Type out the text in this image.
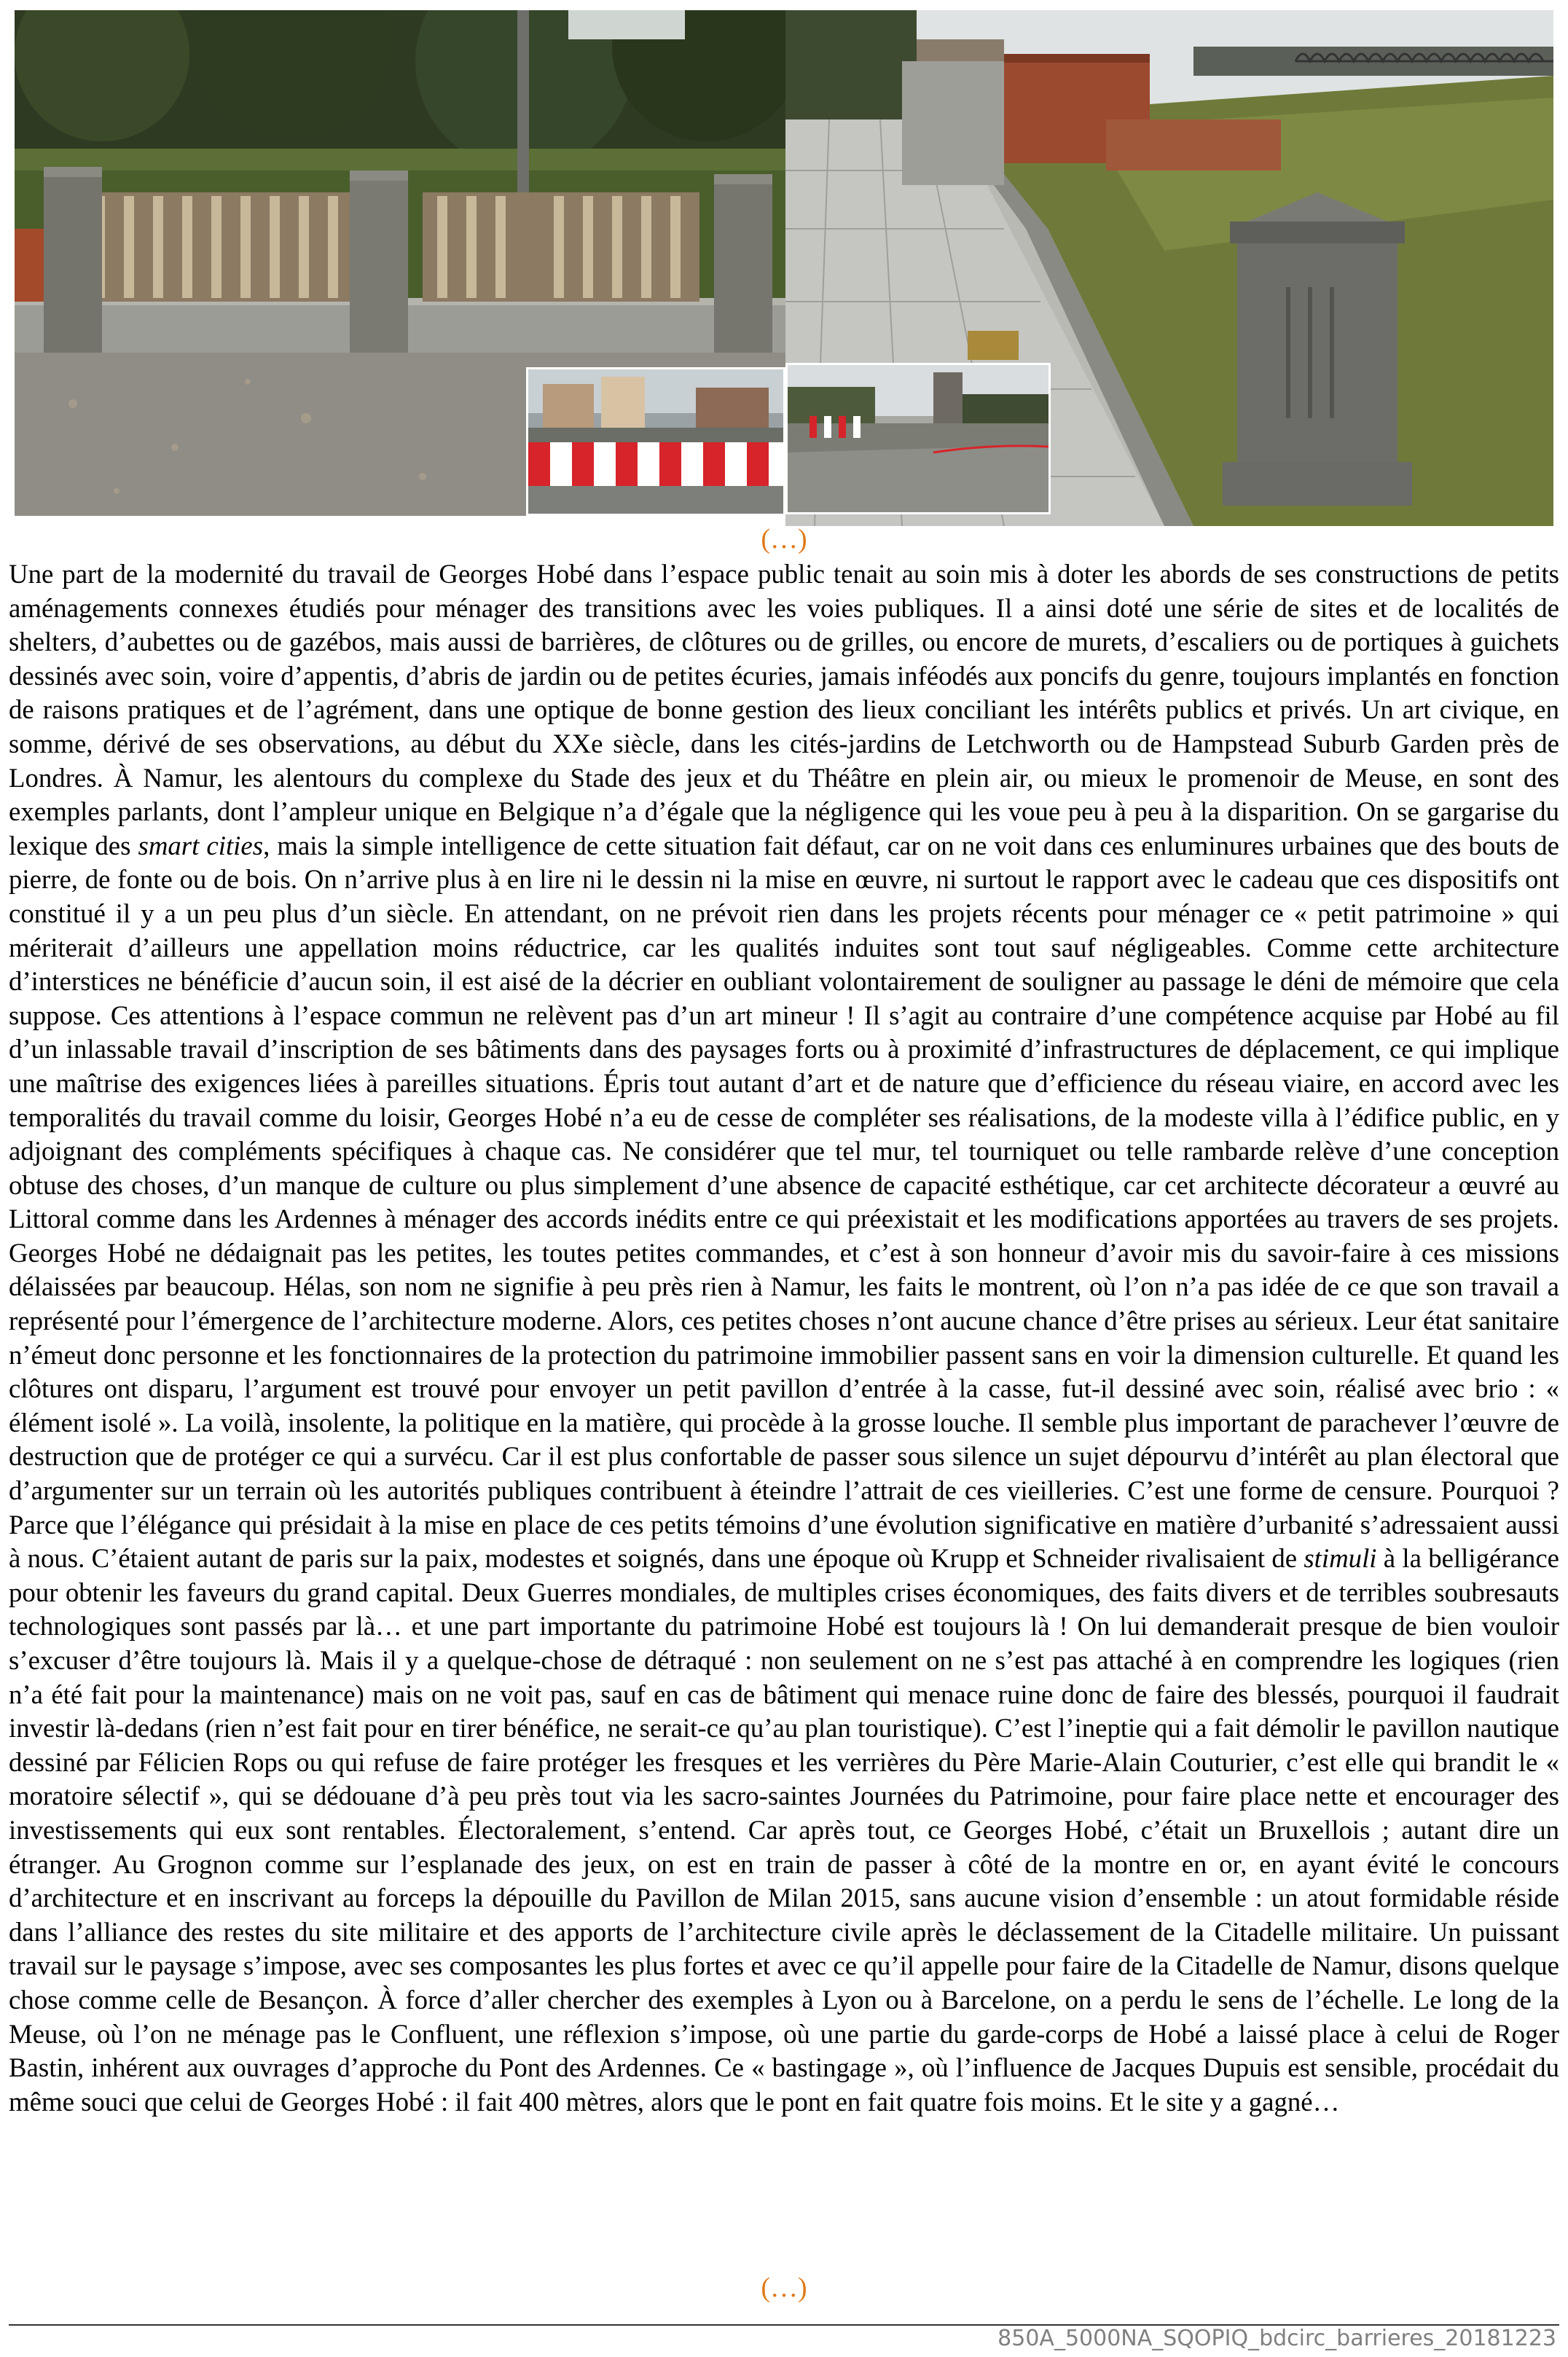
(…)

Une part de la modernité du travail de Georges Hobé dans l’espace public tenait au soin mis à doter les abords de ses constructions de petits aménagements connexes étudiés pour ménager des transitions avec les voies publiques. Il a ainsi doté une série de sites et de localités de shelters, d’aubettes ou de gazébos, mais aussi de barrières, de clôtures ou de grilles, ou encore de murets, d’escaliers ou de portiques à guichets dessinés avec soin, voire d’appentis, d’abris de jardin ou de petites écuries, jamais inféodés aux poncifs du genre, toujours implantés en fonction de raisons pratiques et de l’agrément, dans une optique de bonne gestion des lieux conciliant les intérêts publics et privés. Un art civique, en somme, dérivé de ses observations, au début du XXe siècle, dans les cités-jardins de Letchworth ou de Hampstead Suburb Garden près de Londres. À Namur, les alentours du complexe du Stade des jeux et du Théâtre en plein air, ou mieux le promenoir de Meuse, en sont des exemples parlants, dont l’ampleur unique en Belgique n’a d’égale que la négligence qui les voue peu à peu à la disparition. On se gargarise du lexique des smart cities, mais la simple intelligence de cette situation fait défaut, car on ne voit dans ces enluminures urbaines que des bouts de pierre, de fonte ou de bois. On n’arrive plus à en lire ni le dessin ni la mise en œuvre, ni surtout le rapport avec le cadeau que ces dispositifs ont constitué il y a un peu plus d’un siècle. En attendant, on ne prévoit rien dans les projets récents pour ménager ce « petit patrimoine » qui mériterait d’ailleurs une appellation moins réductrice, car les qualités induites sont tout sauf négligeables. Comme cette architecture d’interstices ne bénéficie d’aucun soin, il est aisé de la décrier en oubliant volontairement de souligner au passage le déni de mémoire que cela suppose. Ces attentions à l’espace commun ne relèvent pas d’un art mineur ! Il s’agit au contraire d’une compétence acquise par Hobé au fil d’un inlassable travail d’inscription de ses bâtiments dans des paysages forts ou à proximité d’infrastructures de déplacement, ce qui implique une maîtrise des exigences liées à pareilles situations. Épris tout autant d’art et de nature que d’efficience du réseau viaire, en accord avec les temporalités du travail comme du loisir, Georges Hobé n’a eu de cesse de compléter ses réalisations, de la modeste villa à l’édifice public, en y adjoignant des compléments spécifiques à chaque cas. Ne considérer que tel mur, tel tourniquet ou telle rambarde relève d’une conception obtuse des choses, d’un manque de culture ou plus simplement d’une absence de capacité esthétique, car cet architecte décorateur a œuvré au Littoral comme dans les Ardennes à ménager des accords inédits entre ce qui préexistait et les modifications apportées au travers de ses projets. Georges Hobé ne dédaignait pas les petites, les toutes petites commandes, et c’est à son honneur d’avoir mis du savoir-faire à ces missions délaissées par beaucoup. Hélas, son nom ne signifie à peu près rien à Namur, les faits le montrent, où l’on n’a pas idée de ce que son travail a représenté pour l’émergence de l’architecture moderne. Alors, ces petites choses n’ont aucune chance d’être prises au sérieux. Leur état sanitaire n’émeut donc personne et les fonctionnaires de la protection du patrimoine immobilier passent sans en voir la dimension culturelle. Et quand les clôtures ont disparu, l’argument est trouvé pour envoyer un petit pavillon d’entrée à la casse, fut-il dessiné avec soin, réalisé avec brio : « élément isolé ». La voilà, insolente, la politique en la matière, qui procède à la grosse louche. Il semble plus important de parachever l’œuvre de destruction que de protéger ce qui a survécu. Car il est plus confortable de passer sous silence un sujet dépourvu d’intérêt au plan électoral que d’argumenter sur un terrain où les autorités publiques contribuent à éteindre l’attrait de ces vieilleries. C’est une forme de censure. Pourquoi ? Parce que l’élégance qui présidait à la mise en place de ces petits témoins d’une évolution significative en matière d’urbanité s’adressaient aussi à nous. C’étaient autant de paris sur la paix, modestes et soignés, dans une époque où Krupp et Schneider rivalisaient de stimuli à la belligérance pour obtenir les faveurs du grand capital. Deux Guerres mondiales, de multiples crises économiques, des faits divers et de terribles soubresauts technologiques sont passés par là… et une part importante du patrimoine Hobé est toujours là ! On lui demanderait presque de bien vouloir s’excuser d’être toujours là. Mais il y a quelque-chose de détraqué : non seulement on ne s’est pas attaché à en comprendre les logiques (rien n’a été fait pour la maintenance) mais on ne voit pas, sauf en cas de bâtiment qui menace ruine donc de faire des blessés, pourquoi il faudrait investir là-dedans (rien n’est fait pour en tirer bénéfice, ne serait-ce qu’au plan touristique). C’est l’ineptie qui a fait démolir le pavillon nautique dessiné par Félicien Rops ou qui refuse de faire protéger les fresques et les verrières du Père Marie-Alain Couturier, c’est elle qui brandit le « moratoire sélectif », qui se dédouane d’à peu près tout via les sacro-saintes Journées du Patrimoine, pour faire place nette et encourager des investissements qui eux sont rentables. Électoralement, s’entend. Car après tout, ce Georges Hobé, c’était un Bruxellois ; autant dire un étranger. Au Grognon comme sur l’esplanade des jeux, on est en train de passer à côté de la montre en or, en ayant évité le concours d’architecture et en inscrivant au forceps la dépouille du Pavillon de Milan 2015, sans aucune vision d’ensemble : un atout formidable réside dans l’alliance des restes du site militaire et des apports de l’architecture civile après le déclassement de la Citadelle militaire. Un puissant travail sur le paysage s’impose, avec ses composantes les plus fortes et avec ce qu’il appelle pour faire de la Citadelle de Namur, disons quelque chose comme celle de Besançon. À force d’aller chercher des exemples à Lyon ou à Barcelone, on a perdu le sens de l’échelle. Le long de la Meuse, où l’on ne ménage pas le Confluent, une réflexion s’impose, où une partie du garde-corps de Hobé a laissé place à celui de Roger Bastin, inhérent aux ouvrages d’approche du Pont des Ardennes. Ce « bastingage », où l’influence de Jacques Dupuis est sensible, procédait du même souci que celui de Georges Hobé : il fait 400 mètres, alors que le pont en fait quatre fois moins. Et le site y a gagné…

(…)
850A_5000NA_SQOPIQ_bdcirc_barrieres_20181223
